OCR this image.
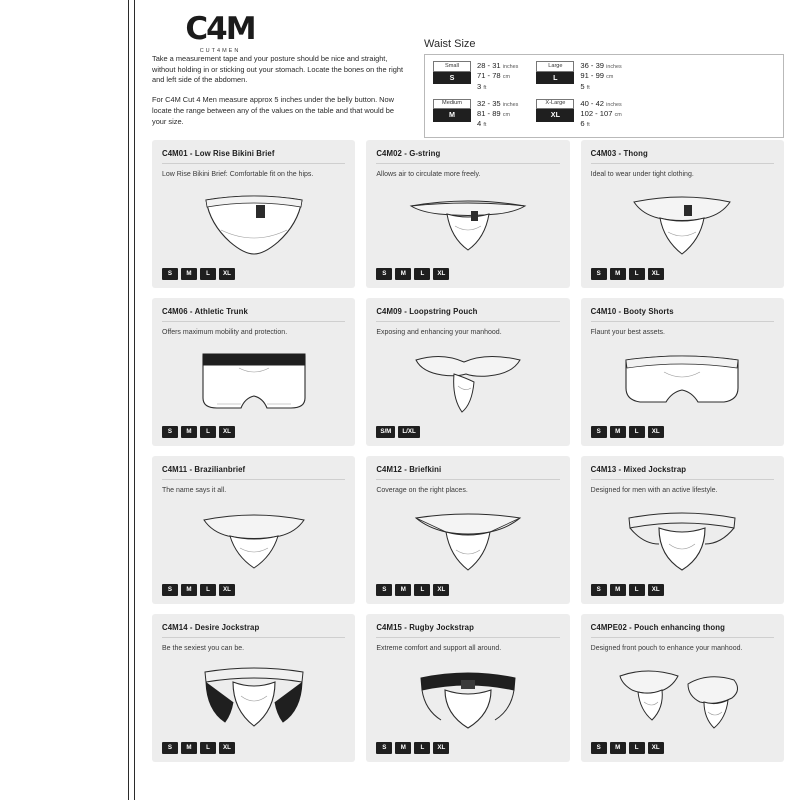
C4M
CUT4MEN

Take a measurement tape and your posture should be nice and straight, without holding in or sticking out your stomach. Locate the bones on the right and left side of the abdomen.

For C4M Cut 4 Men measure approx 5 inches under the belly button. Now locate the range between any of the values on the table and that would be your size.

Waist Size
Small
S
28 - 31 inches
71 - 78 cm
3 ft
Medium
M
32 - 35 inches
81 - 89 cm
4 ft
Large
L
36 - 39 inches
91 - 99 cm
5 ft
X-Large
XL
40 - 42 inches
102 - 107 cm
6 ft
C4M01 - Low Rise Bikini Brief
Low Rise Bikini Brief: Comfortable fit on the hips.
S	M	L	XL
C4M02 - G-string
Allows air to circulate more freely.
S	M	L	XL
C4M03 - Thong
Ideal to wear under tight clothing.
S	M	L	XL
C4M06 - Athletic Trunk
Offers maximum mobility and protection.
S	M	L	XL
C4M09 - Loopstring Pouch
Exposing and enhancing your manhood.
S/M	L/XL
C4M10 - Booty Shorts
Flaunt your best assets.
S	M	L	XL
C4M11 - Brazilianbrief
The name says it all.
S	M	L	XL
C4M12 - Briefkini
Coverage on the right places.
S	M	L	XL
C4M13 - Mixed Jockstrap
Designed for men with an active lifestyle.
S	M	L	XL
C4M14 - Desire Jockstrap
Be the sexiest you can be.
S	M	L	XL
C4M15 - Rugby Jockstrap
Extreme comfort and support all around.
S	M	L	XL
C4MPE02 - Pouch enhancing thong
Designed front pouch to enhance your manhood.
S	M	L	XL
